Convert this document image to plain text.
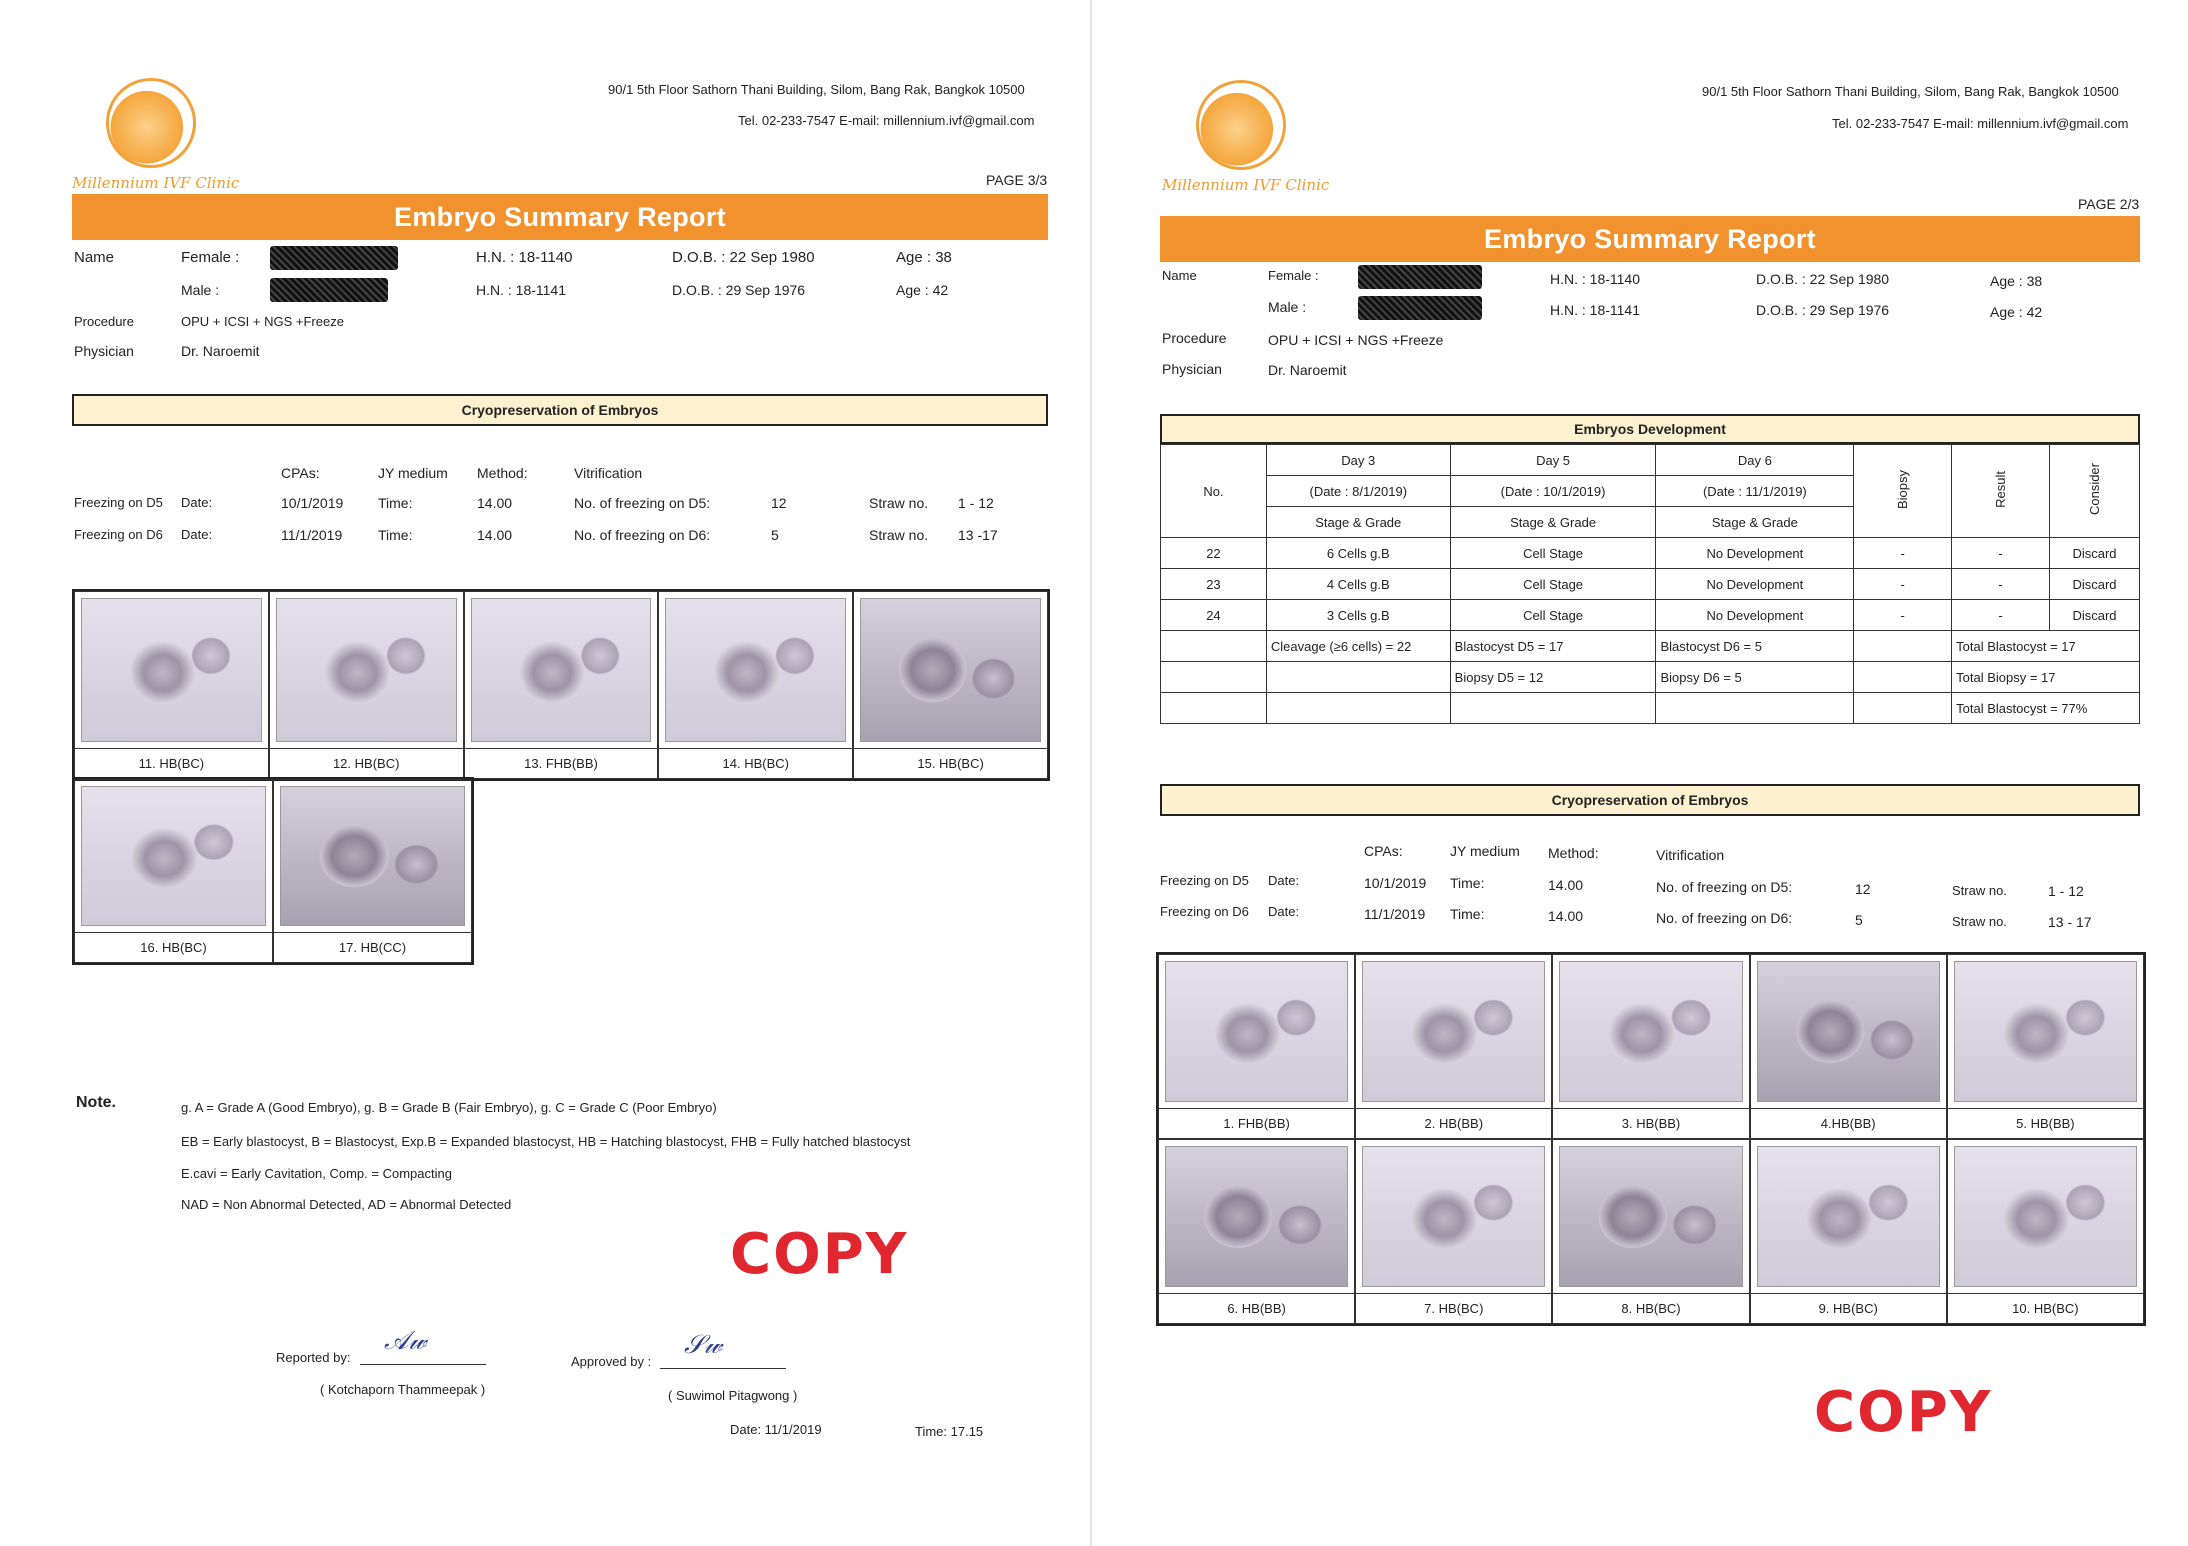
Millennium IVF Clinic
90/1 5th Floor Sathorn Thani Building, Silom, Bang Rak, Bangkok 10500
Tel. 02-233-7547 E-mail: millennium.ivf@gmail.com
PAGE 3/3
Embryo Summary Report
Name	Female :	H.N. : 18-1140	D.O.B. : 22 Sep 1980	Age : 38
Male :	H.N. : 18-1141	D.O.B. : 29 Sep 1976	Age : 42
Procedure	OPU + ICSI + NGS +Freeze
Physician	Dr. Naroemit
Cryopreservation of Embryos
CPAs:	JY medium Method:	Vitrification
Freezing on D5 Date:	10/1/2019 Time:	14.00	No. of freezing on D5:	12	Straw no. 1 - 12
Freezing on D6 Date:	11/1/2019	Time:	14.00	No. of freezing on D6:	5	Straw no. 13 -17
11. HB(BC)	12. HB(BC)	13. FHB(BB)	14. HB(BC)	15. HB(BC)
16. HB(BC)	17. HB(CC)
Note.	g. A = Grade A (Good Embryo), g. B = Grade B (Fair Embryo), g. C = Grade C (Poor Embryo)
EB = Early blastocyst, B = Blastocyst, Exp.B = Expanded blastocyst, HB = Hatching blastocyst, FHB = Fully hatched blastocyst
E.cavi = Early Cavitation, Comp. = Compacting
NAD = Non Abnormal Detected, AD = Abnormal Detected
COPY
Reported by:
𝒜𝓌
( Kotchaporn Thammeepak )
Approved by :
𝒮𝓌
( Suwimol Pitagwong )
Date: 11/1/2019	Time: 17.15
Millennium IVF Clinic
90/1 5th Floor Sathorn Thani Building, Silom, Bang Rak, Bangkok 10500
Tel. 02-233-7547 E-mail: millennium.ivf@gmail.com
PAGE 2/3
Embryo Summary Report
Name	Female :	H.N. : 18-1140	D.O.B. : 22 Sep 1980	Age : 38
Male :	H.N. : 18-1141	D.O.B. : 29 Sep 1976	Age : 42
Procedure	OPU + ICSI + NGS +Freeze
Physician	Dr. Naroemit
Embryos Development
No.	Day 3	Day 5	Day 6	Biopsy	Result	Consider
	(Date : 8/1/2019)	(Date : 10/1/2019)	(Date : 11/1/2019)			
	Stage & Grade	Stage & Grade	Stage & Grade			
22	6 Cells g.B	Cell Stage	No Development	-	-	Discard
23	4 Cells g.B	Cell Stage	No Development	-	-	Discard
24	3 Cells g.B	Cell Stage	No Development	-	-	Discard
	Cleavage (≥6 cells) = 22	Blastocyst D5 = 17	Blastocyst D6 = 5		Total Blastocyst = 17	
		Biopsy D5 = 12	Biopsy D6 = 5		Total Biopsy = 17	
					Total Blastocyst = 77%	
Cryopreservation of Embryos
CPAs:	JY medium Method:	Vitrification
Freezing on D5 Date:	10/1/2019 Time:	14.00	No. of freezing on D5:	12	Straw no.	1 - 12
Freezing on D6 Date:	11/1/2019 Time:	14.00	No. of freezing on D6:	5	Straw no.	13 - 17
1. FHB(BB)	2. HB(BB)	3. HB(BB)	4.HB(BB)	5. HB(BB)
6. HB(BB)	7. HB(BC)	8. HB(BC)	9. HB(BC)	10. HB(BC)
COPY
